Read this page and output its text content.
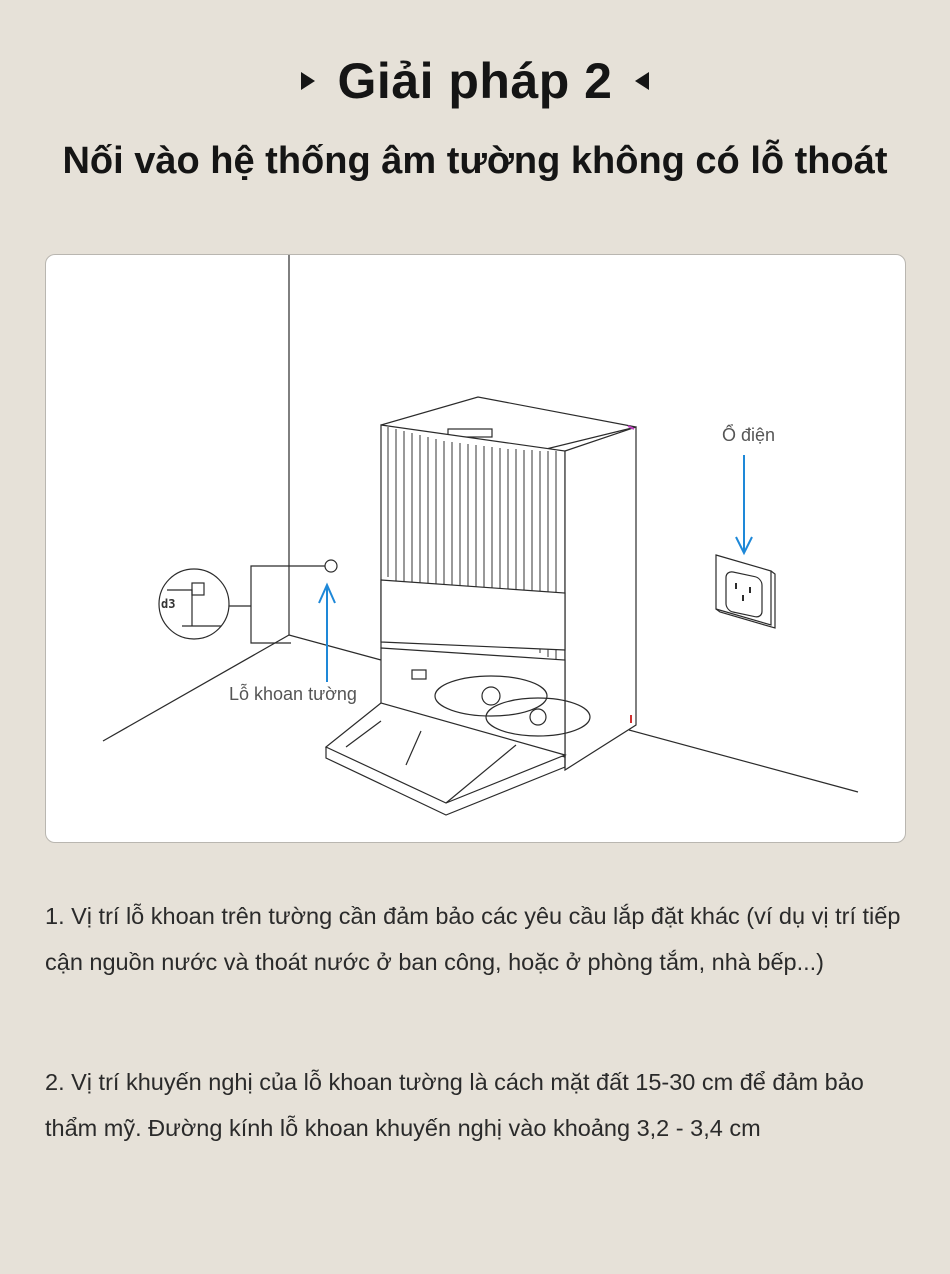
Giải pháp 2
Nối vào hệ thống âm tường không có lỗ thoát
Ổ điện
Lỗ khoan tường
d3
1. Vị trí lỗ khoan trên tường cần đảm bảo các yêu cầu lắp đặt khác (ví dụ vị trí tiếp cận nguồn nước và thoát nước ở ban công, hoặc ở phòng tắm, nhà bếp...)
2. Vị trí khuyến nghị của lỗ khoan tường là cách mặt đất 15-30 cm để đảm bảo thẩm mỹ. Đường kính lỗ khoan khuyến nghị vào khoảng 3,2 - 3,4 cm
